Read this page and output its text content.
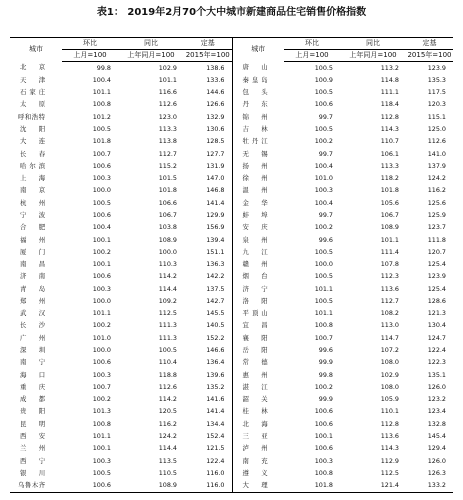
表1： 2019年2月70个大中城市新建商品住宅销售价格指数
城市	环比	同比	定基	城市	环比	同比	定基
	上月=100	上年同月=100	2015年=100		上月=100	上年同月=100	2015年=100
北　京	99.8	102.9	138.6	唐　山	100.5	113.2	123.9
天　津	100.4	101.1	133.6	秦皇岛	100.9	114.8	135.3
石家庄	101.1	116.6	144.6	包　头	100.5	111.1	117.5
太　原	100.8	112.6	126.6	丹　东	100.6	118.4	120.3
呼和浩特	101.2	123.0	132.9	锦　州	99.7	112.8	115.1
沈　阳	100.5	113.3	130.6	吉　林	100.5	114.3	125.0
大　连	101.8	113.8	128.5	牡丹江	100.2	110.7	112.6
长　春	100.7	112.7	127.7	无　锡	99.7	106.1	141.0
哈尔滨	100.6	115.2	131.9	扬　州	100.4	113.3	137.9
上　海	100.3	101.5	147.0	徐　州	101.0	118.2	124.2
南　京	100.0	101.8	146.8	温　州	100.3	101.8	116.2
杭　州	100.5	106.6	141.4	金　华	100.4	105.6	125.6
宁　波	100.6	106.7	129.9	蚌　埠	99.7	106.7	125.9
合　肥	100.4	103.8	156.9	安　庆	100.2	108.9	123.7
福　州	100.1	108.9	139.4	泉　州	99.6	101.1	111.8
厦　门	100.2	100.0	151.1	九　江	100.5	111.4	120.7
南　昌	100.1	110.3	136.3	赣　州	100.0	107.8	125.4
济　南	100.6	114.2	142.2	烟　台	100.5	112.3	123.9
青　岛	100.3	114.4	137.5	济　宁	101.1	113.6	125.4
郑　州	100.0	109.2	142.7	洛　阳	100.5	112.7	128.6
武　汉	101.1	112.5	145.5	平顶山	101.1	108.2	121.3
长　沙	100.2	111.3	140.5	宜　昌	100.8	113.0	130.4
广　州	101.0	111.3	152.2	襄　阳	100.7	114.7	124.7
深　圳	100.0	100.5	146.6	岳　阳	99.6	107.2	122.4
南　宁	100.6	110.4	136.4	常　德	99.9	108.0	122.3
海　口	100.3	118.8	139.6	惠　州	99.8	102.9	135.1
重　庆	100.7	112.6	135.2	湛　江	100.2	108.0	126.0
成　都	100.2	114.2	141.6	韶　关	99.9	105.9	123.2
贵　阳	101.3	120.5	141.4	桂　林	100.6	110.1	123.4
昆　明	100.8	116.2	134.4	北　海	100.6	112.8	132.8
西　安	101.1	124.2	152.4	三　亚	100.1	113.6	145.4
兰　州	100.1	114.4	121.5	泸　州	100.6	114.3	129.4
西　宁	100.3	113.5	122.4	南　充	100.3	112.9	126.0
银　川	100.5	110.5	116.0	遵　义	100.8	112.5	126.3
乌鲁木齐	100.6	108.9	116.0	大　理	101.8	121.4	133.2
